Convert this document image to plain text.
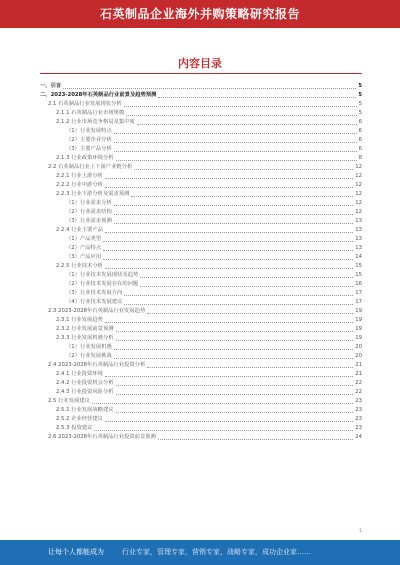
石英制品企业海外并购策略研究报告
内容目录
一、引言	5
二、2023-2028年石英制品行业前景及趋势预测	5
2.1 石英制品行业发展现状分析	5
2.1.1 石英制品行业市场规模	5
2.1.2 行业市场竞争格局及集中度	6
（1）行业发展特点	6
（2）主要企业分析	6
（3）主要产品分析	6
2.1.3 行业政策环境分析	8
2.2 石英制品行业上下游产业链分析	12
2.2.1 行业上游分析	12
2.2.2 行业中游分析	12
2.2.3 行业下游分析及需求预测	12
（1）行业需求分析	12
（2）行业需求结构	12
（3）行业需求预测	13
2.2.4 行业主要产品	13
（1）产品类型	13
（2）产品特点	13
（3）产品应用	14
2.2.5 行业技术分析	15
（1）行业技术发展现状及趋势	15
（2）行业技术发展存在的问题	16
（3）行业技术发展方向	17
（4）行业技术发展建议	17
2.3 2023-2028年石英制品行业发展趋势	19
2.3.1 行业发展趋势	19
2.3.2 行业发展前景预测	19
2.3.3 行业发展机遇分析	19
（1）行业发展机遇	20
（2）行业发展挑战	20
2.4 2023-2028年石英制品行业投资分析	21
2.4.1 行业投资环境	21
2.4.2 行业投资机会分析	22
2.4.3 行业投资风险分析	22
2.5 行业发展建议	23
2.5.1 行业发展战略建议	23
2.5.2 企业经营建议	23
2.5.3 投资建议	23
2.6 2023-2028年石英制品行业投资前景预测	24
1
让每个人都能成为	行业专家，管理专家，营销专家，战略专家，成功企业家……
